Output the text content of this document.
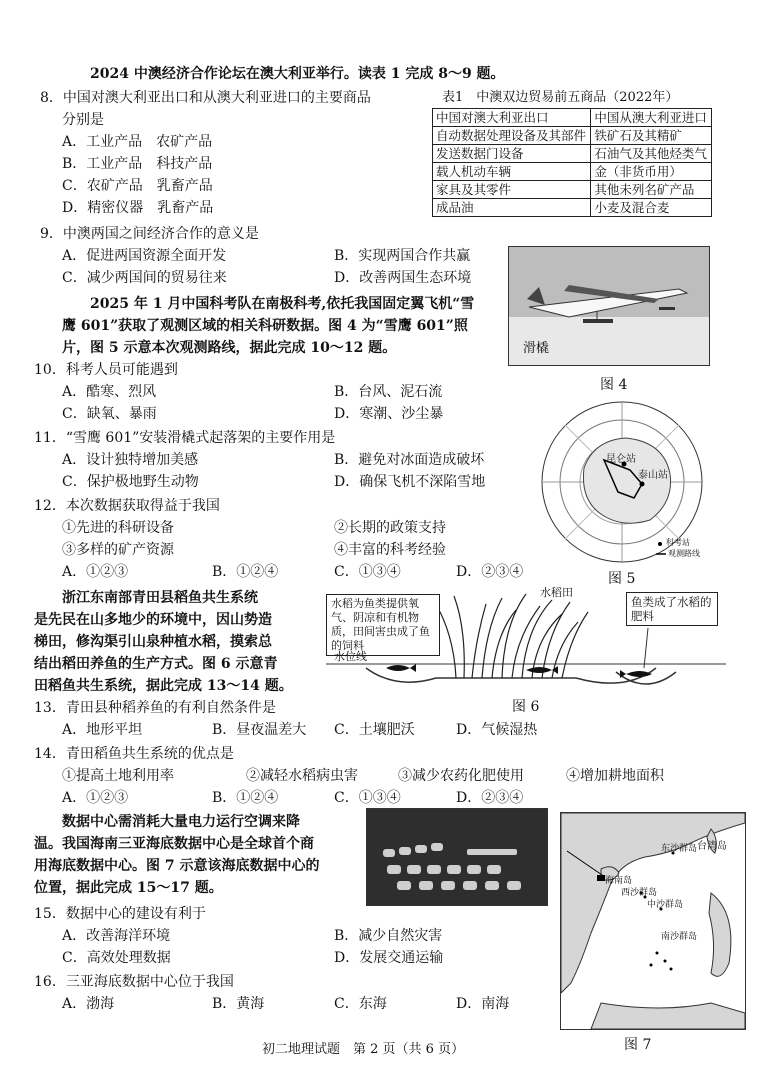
2024 中澳经济合作论坛在澳大利亚举行。读表 1 完成 8～9 题。
8．中国对澳大利亚出口和从澳大利亚进口的主要商品
分别是
A．工业产品　农矿产品
B．工业产品　科技产品
C．农矿产品　乳畜产品
D．精密仪器　乳畜产品
表1　中澳双边贸易前五商品（2022年）
中国对澳大利亚出口	中国从澳大利亚进口
自动数据处理设备及其部件	铁矿石及其精矿
发送数据门设备	石油气及其他烃类气
载人机动车辆	金（非货币用）
家具及其零件	其他未列名矿产品
成品油	小麦及混合麦
9．中澳两国之间经济合作的意义是
A．促进两国资源全面开发	B．实现两国合作共赢
C．减少两国间的贸易往来	D．改善两国生态环境
2025 年 1 月中国科考队在南极科考,依托我国固定翼飞机“雪
鹰 601”获取了观测区域的相关科研数据。图 4 为“雪鹰 601”照
片，图 5 示意本次观测路线，据此完成 10～12 题。	滑橇
图 4
10．科考人员可能遇到
A．酷寒、烈风	B．台风、泥石流
C．缺氧、暴雨	D．寒潮、沙尘暴
昆仑站
泰山站
科考站
观测路线
图 5
11．“雪鹰 601”安装滑橇式起落架的主要作用是
A．设计独特增加美感	B．避免对冰面造成破坏
C．保护极地野生动物	D．确保飞机不深陷雪地
12．本次数据获取得益于我国
①先进的科研设备	②长期的政策支持
③多样的矿产资源	④丰富的科考经验
A．①②③	B．①②④	C．①③④	D．②③④
浙江东南部青田县稻鱼共生系统
是先民在山多地少的环境中，因山势造
梯田，修沟渠引山泉种植水稻，摸索总
结出稻田养鱼的生产方式。图 6 示意青
田稻鱼共生系统，据此完成 13～14 题。
水稻为鱼类提供氧气、阴凉和有机物质，田间害虫成了鱼的饲料
鱼类成了水稻的肥料
水稻田
水位线
图 6
13．青田县种稻养鱼的有利自然条件是
A．地形平坦	B．昼夜温差大 C．土壤肥沃	D．气候湿热
14．青田稻鱼共生系统的优点是
①提高土地利用率	②减轻水稻病虫害	③减少农药化肥使用	④增加耕地面积
A．①②③	B．①②④	C．①③④	D．②③④
数据中心需消耗大量电力运行空调来降
温。我国海南三亚海底数据中心是全球首个商
用海底数据中心。图 7 示意该海底数据中心的
位置，据此完成 15～17 题。
台湾岛
东沙群岛
海南岛
西沙群岛
中沙群岛
南沙群岛
图 7
15．数据中心的建设有利于
A．改善海洋环境	B．减少自然灾害
C．高效处理数据	D．发展交通运输
16．三亚海底数据中心位于我国
A．渤海	B．黄海	C．东海	D．南海
初二地理试题　第 2 页（共 6 页）
